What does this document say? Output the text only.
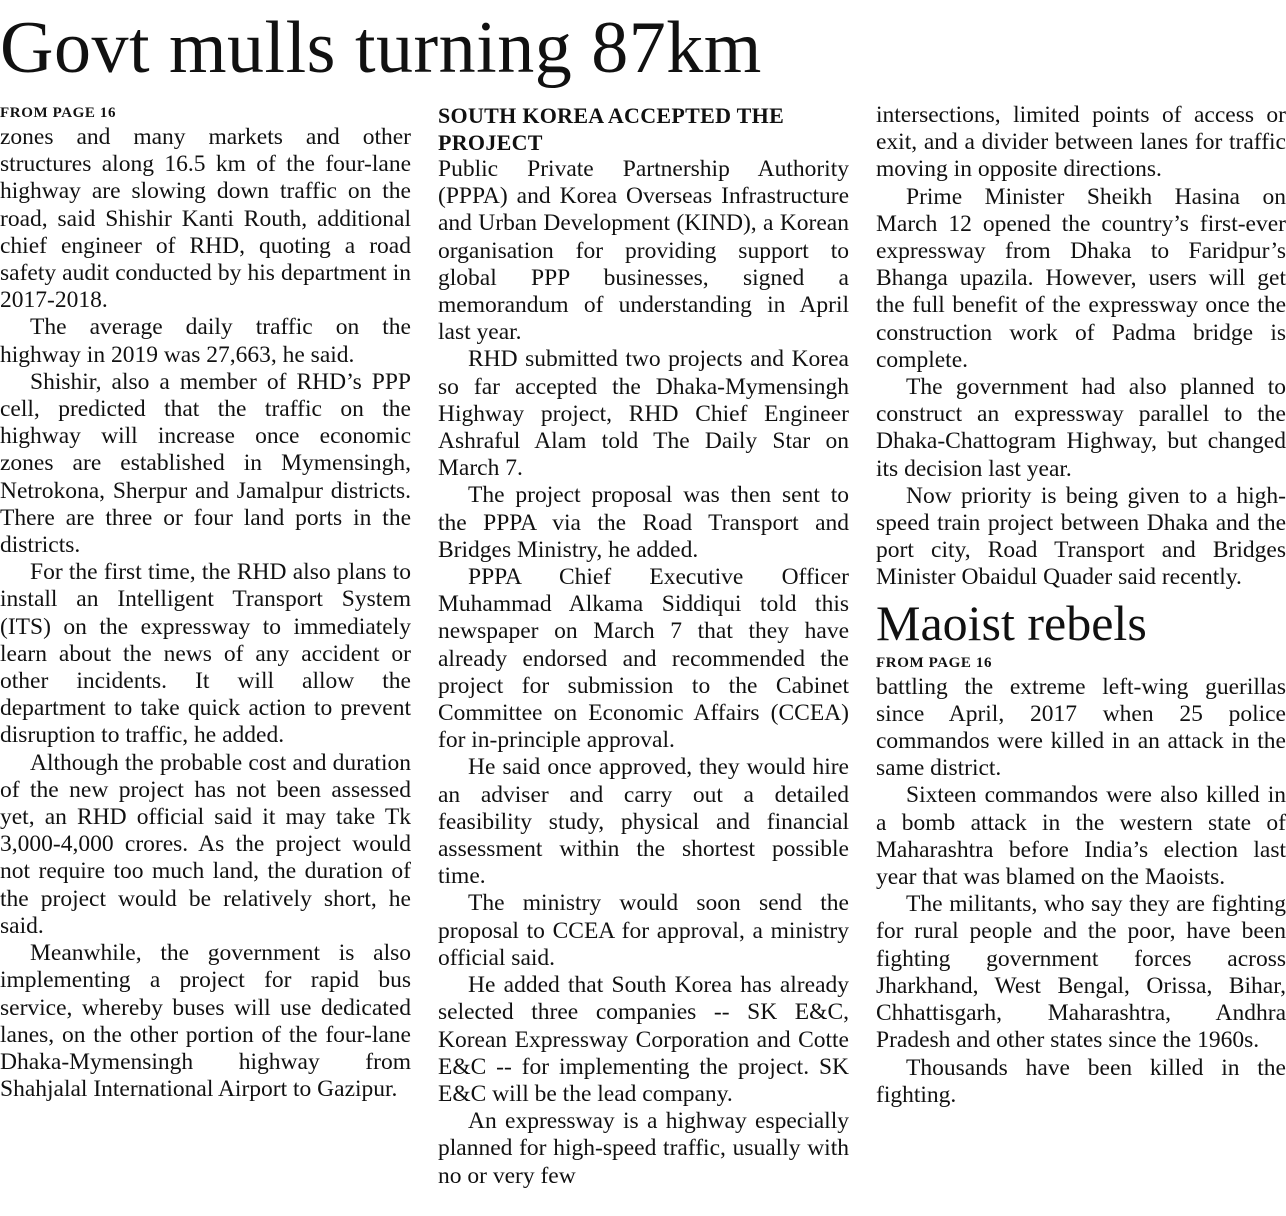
Govt mulls turning 87km
FROM PAGE 16

zones and many markets and other structures along 16.5 km of the four-lane highway are slowing down traffic on the road, said Shishir Kanti Routh, additional chief engineer of RHD, quoting a road safety audit conducted by his department in 2017-2018.

The average daily traffic on the highway in 2019 was 27,663, he said.

Shishir, also a member of RHD’s PPP cell, predicted that the traffic on the highway will increase once economic zones are established in Mymensingh, Netrokona, Sherpur and Jamalpur districts. There are three or four land ports in the districts.

For the first time, the RHD also plans to install an Intelligent Transport System (ITS) on the expressway to immediately learn about the news of any accident or other incidents. It will allow the department to take quick action to prevent disruption to traffic, he added.

Although the probable cost and duration of the new project has not been assessed yet, an RHD official said it may take Tk 3,000-4,000 crores. As the project would not require too much land, the duration of the project would be relatively short, he said.

Meanwhile, the government is also implementing a project for rapid bus service, whereby buses will use dedicated lanes, on the other portion of the four-lane Dhaka-Mymensingh highway from Shahjalal International Airport to Gazipur.

SOUTH KOREA ACCEPTED THE PROJECT

Public Private Partnership Authority (PPPA) and Korea Overseas Infrastructure and Urban Development (KIND), a Korean organisation for providing support to global PPP businesses, signed a memorandum of understanding in April last year.

RHD submitted two projects and Korea so far accepted the Dhaka-Mymensingh Highway project, RHD Chief Engineer Ashraful Alam told The Daily Star on March 7.

The project proposal was then sent to the PPPA via the Road Transport and Bridges Ministry, he added.

PPPA Chief Executive Officer Muhammad Alkama Siddiqui told this newspaper on March 7 that they have already endorsed and recommended the project for submission to the Cabinet Committee on Economic Affairs (CCEA) for in-principle approval.

He said once approved, they would hire an adviser and carry out a detailed feasibility study, physical and financial assessment within the shortest possible time.

The ministry would soon send the proposal to CCEA for approval, a ministry official said.

He added that South Korea has already selected three companies -- SK E&C, Korean Expressway Corporation and Cotte E&C -- for implementing the project. SK E&C will be the lead company.

An expressway is a highway especially planned for high-speed traffic, usually with no or very few

intersections, limited points of access or exit, and a divider between lanes for traffic moving in opposite directions.

Prime Minister Sheikh Hasina on March 12 opened the country’s first-ever expressway from Dhaka to Faridpur’s Bhanga upazila. However, users will get the full benefit of the expressway once the construction work of Padma bridge is complete.

The government had also planned to construct an expressway parallel to the Dhaka-Chattogram Highway, but changed its decision last year.

Now priority is being given to a high-speed train project between Dhaka and the port city, Road Transport and Bridges Minister Obaidul Quader said recently.

Maoist rebels
FROM PAGE 16

battling the extreme left-wing guerillas since April, 2017 when 25 police commandos were killed in an attack in the same district.

Sixteen commandos were also killed in a bomb attack in the western state of Maharashtra before India’s election last year that was blamed on the Maoists.

The militants, who say they are fighting for rural people and the poor, have been fighting government forces across Jharkhand, West Bengal, Orissa, Bihar, Chhattisgarh, Maharashtra, Andhra Pradesh and other states since the 1960s.

Thousands have been killed in the fighting.
